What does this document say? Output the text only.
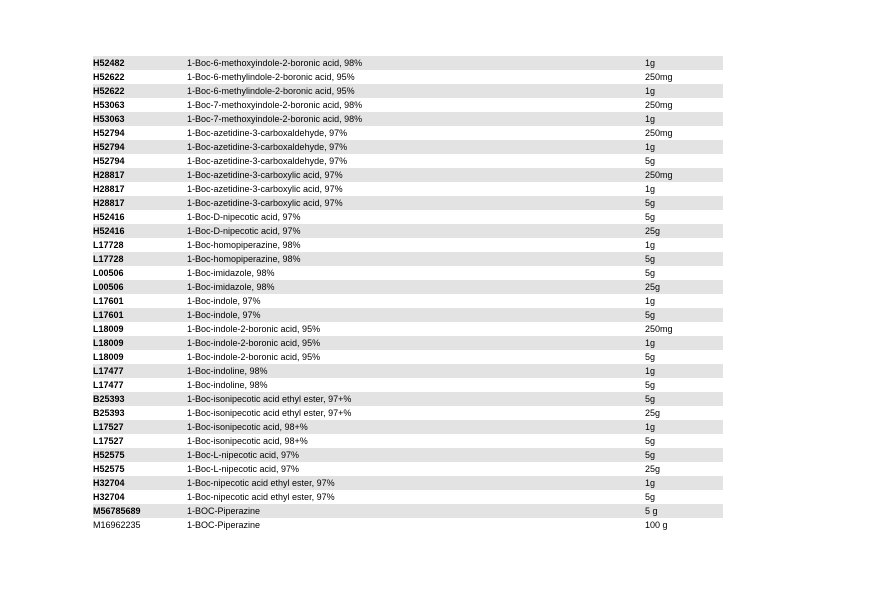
H52482	1-Boc-6-methoxyindole-2-boronic acid, 98%	1g
H52622	1-Boc-6-methylindole-2-boronic acid, 95%	250mg
H52622	1-Boc-6-methylindole-2-boronic acid, 95%	1g
H53063	1-Boc-7-methoxyindole-2-boronic acid, 98%	250mg
H53063	1-Boc-7-methoxyindole-2-boronic acid, 98%	1g
H52794	1-Boc-azetidine-3-carboxaldehyde, 97%	250mg
H52794	1-Boc-azetidine-3-carboxaldehyde, 97%	1g
H52794	1-Boc-azetidine-3-carboxaldehyde, 97%	5g
H28817	1-Boc-azetidine-3-carboxylic acid, 97%	250mg
H28817	1-Boc-azetidine-3-carboxylic acid, 97%	1g
H28817	1-Boc-azetidine-3-carboxylic acid, 97%	5g
H52416	1-Boc-D-nipecotic acid, 97%	5g
H52416	1-Boc-D-nipecotic acid, 97%	25g
L17728	1-Boc-homopiperazine, 98%	1g
L17728	1-Boc-homopiperazine, 98%	5g
L00506	1-Boc-imidazole, 98%	5g
L00506	1-Boc-imidazole, 98%	25g
L17601	1-Boc-indole, 97%	1g
L17601	1-Boc-indole, 97%	5g
L18009	1-Boc-indole-2-boronic acid, 95%	250mg
L18009	1-Boc-indole-2-boronic acid, 95%	1g
L18009	1-Boc-indole-2-boronic acid, 95%	5g
L17477	1-Boc-indoline, 98%	1g
L17477	1-Boc-indoline, 98%	5g
B25393	1-Boc-isonipecotic acid ethyl ester, 97+%	5g
B25393	1-Boc-isonipecotic acid ethyl ester, 97+%	25g
L17527	1-Boc-isonipecotic acid, 98+%	1g
L17527	1-Boc-isonipecotic acid, 98+%	5g
H52575	1-Boc-L-nipecotic acid, 97%	5g
H52575	1-Boc-L-nipecotic acid, 97%	25g
H32704	1-Boc-nipecotic acid ethyl ester, 97%	1g
H32704	1-Boc-nipecotic acid ethyl ester, 97%	5g
M56785689	1-BOC-Piperazine	5 g
M16962235	1-BOC-Piperazine	100 g
